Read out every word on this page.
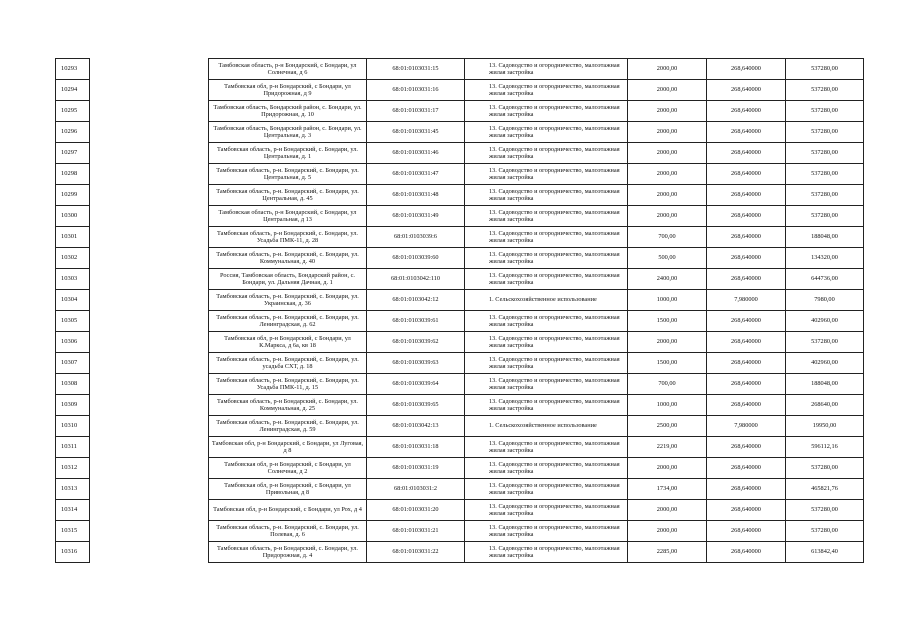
10293		Тамбовская область, р-н Бондарский, с Бондари, ул Солнечная, д 6	68:01:0103031:15	13. Садоводство и огородничество, малоэтажная жилая застройка	2000,00	268,640000	537280,00
10294		Тамбовская обл, р-н Бондарский, с Бондари, ул Придорожная, д 9	68:01:0103031:16	13. Садоводство и огородничество, малоэтажная жилая застройка	2000,00	268,640000	537280,00
10295		Тамбовская область, Бондарский район, с. Бондари, ул. Придорожная, д. 10	68:01:0103031:17	13. Садоводство и огородничество, малоэтажная жилая застройка	2000,00	268,640000	537280,00
10296		Тамбовская область, Бондарский район, с. Бондари, ул. Центральная, д. 3	68:01:0103031:45	13. Садоводство и огородничество, малоэтажная жилая застройка	2000,00	268,640000	537280,00
10297		Тамбовская область, р-н Бондарский, с. Бондари, ул. Центральная, д. 1	68:01:0103031:46	13. Садоводство и огородничество, малоэтажная жилая застройка	2000,00	268,640000	537280,00
10298		Тамбовская область, р-н. Бондарский, с. Бондари, ул. Центральная, д. 5	68:01:0103031:47	13. Садоводство и огородничество, малоэтажная жилая застройка	2000,00	268,640000	537280,00
10299		Тамбовская область, р-н. Бондарский, с. Бондари, ул. Центральная, д. 45	68:01:0103031:48	13. Садоводство и огородничество, малоэтажная жилая застройка	2000,00	268,640000	537280,00
10300		Тамбовская область, р-н Бондарский, с Бондари, ул Центральная, д 13	68:01:0103031:49	13. Садоводство и огородничество, малоэтажная жилая застройка	2000,00	268,640000	537280,00
10301		Тамбовская область, р-н Бондарский, с. Бондари, ул. Усадьба ПМК-11, д. 28	68:01:0103039:6	13. Садоводство и огородничество, малоэтажная жилая застройка	700,00	268,640000	188048,00
10302		Тамбовская область, р-н. Бондарский, с. Бондари, ул. Коммунальная, д. 40	68:01:0103039:60	13. Садоводство и огородничество, малоэтажная жилая застройка	500,00	268,640000	134320,00
10303		Россия, Тамбовская область, Бондарский район, с. Бондари, ул. Дальняя Дачная, д. 1	68:01:0103042:110	13. Садоводство и огородничество, малоэтажная жилая застройка	2400,00	268,640000	644736,00
10304		Тамбовская область, р-н. Бондарский, с. Бондари, ул. Украинская, д. 36	68:01:0103042:12	1. Сельскохозяйственное использование	1000,00	7,980000	7980,00
10305		Тамбовская область, р-н. Бондарский, с. Бондари, ул. Ленинградская, д. 62	68:01:0103039:61	13. Садоводство и огородничество, малоэтажная жилая застройка	1500,00	268,640000	402960,00
10306		Тамбовская обл, р-н Бондарский, с Бондари, ул К.Маркса, д 6а, кв 18	68:01:0103039:62	13. Садоводство и огородничество, малоэтажная жилая застройка	2000,00	268,640000	537280,00
10307		Тамбовская область, р-н. Бондарский, с. Бондари, ул. усадьба СХТ, д. 18	68:01:0103039:63	13. Садоводство и огородничество, малоэтажная жилая застройка	1500,00	268,640000	402960,00
10308		Тамбовская область, р-н. Бондарский, с. Бондари, ул. Усадьба ПМК-11, д. 15	68:01:0103039:64	13. Садоводство и огородничество, малоэтажная жилая застройка	700,00	268,640000	188048,00
10309		Тамбовская область, р-н Бондарский, с. Бондари, ул. Коммунальная, д. 25	68:01:0103039:65	13. Садоводство и огородничество, малоэтажная жилая застройка	1000,00	268,640000	268640,00
10310		Тамбовская область, р-н. Бондарский, с. Бондари, ул. Ленинградская, д. 59	68:01:0103042:13	1. Сельскохозяйственное использование	2500,00	7,980000	19950,00
10311		Тамбовская обл, р-н Бондарский, с Бондари, ул Луговая, д 8	68:01:0103031:18	13. Садоводство и огородничество, малоэтажная жилая застройка	2219,00	268,640000	596112,16
10312		Тамбовская обл, р-н Бондарский, с Бондари, ул Солнечная, д 2	68:01:0103031:19	13. Садоводство и огородничество, малоэтажная жилая застройка	2000,00	268,640000	537280,00
10313		Тамбовская обл, р-н Бондарский, с Бондари, ул Привольная, д 8	68:01:0103031:2	13. Садоводство и огородничество, малоэтажная жилая застройка	1734,00	268,640000	465821,76
10314		Тамбовская обл, р-н Бондарский, с Бондари, ул Рох, д 4	68:01:0103031:20	13. Садоводство и огородничество, малоэтажная жилая застройка	2000,00	268,640000	537280,00
10315		Тамбовская область, р-н. Бондарский, с. Бондари, ул. Полевая, д. 6	68:01:0103031:21	13. Садоводство и огородничество, малоэтажная жилая застройка	2000,00	268,640000	537280,00
10316		Тамбовская область, р-н Бондарский, с. Бондари, ул. Придорожная, д. 4	68:01:0103031:22	13. Садоводство и огородничество, малоэтажная жилая застройка	2285,00	268,640000	613842,40
